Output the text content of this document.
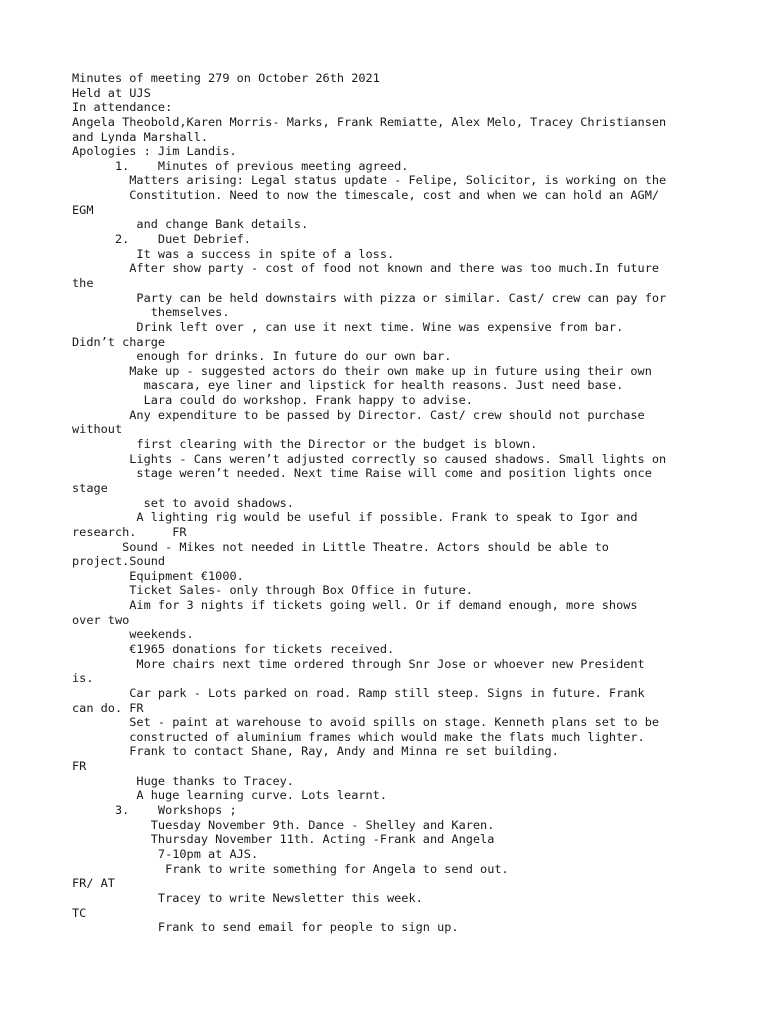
Minutes of meeting 279 on October 26th 2021
Held at UJS
In attendance:
Angela Theobold,Karen Morris- Marks, Frank Remiatte, Alex Melo, Tracey Christiansen
and Lynda Marshall.
Apologies : Jim Landis.
1.    Minutes of previous meeting agreed.
Matters arising: Legal status update - Felipe, Solicitor, is working on the
Constitution. Need to now the timescale, cost and when we can hold an AGM/
EGM
and change Bank details.
2.    Duet Debrief.
It was a success in spite of a loss.
After show party - cost of food not known and there was too much.In future
the
Party can be held downstairs with pizza or similar. Cast/ crew can pay for
themselves.
Drink left over , can use it next time. Wine was expensive from bar.
Didn’t charge
enough for drinks. In future do our own bar.
Make up - suggested actors do their own make up in future using their own
mascara, eye liner and lipstick for health reasons. Just need base.
Lara could do workshop. Frank happy to advise.
Any expenditure to be passed by Director. Cast/ crew should not purchase
without
first clearing with the Director or the budget is blown.
Lights - Cans weren’t adjusted correctly so caused shadows. Small lights on
stage weren’t needed. Next time Raise will come and position lights once
stage
set to avoid shadows.
A lighting rig would be useful if possible. Frank to speak to Igor and
research.     FR
Sound - Mikes not needed in Little Theatre. Actors should be able to
project.Sound
Equipment €1000.
Ticket Sales- only through Box Office in future.
Aim for 3 nights if tickets going well. Or if demand enough, more shows
over two
weekends.
€1965 donations for tickets received.
More chairs next time ordered through Snr Jose or whoever new President
is.
Car park - Lots parked on road. Ramp still steep. Signs in future. Frank
can do. FR
Set - paint at warehouse to avoid spills on stage. Kenneth plans set to be
constructed of aluminium frames which would make the flats much lighter.
Frank to contact Shane, Ray, Andy and Minna re set building.
FR
Huge thanks to Tracey.
A huge learning curve. Lots learnt.
3.    Workshops ;
Tuesday November 9th. Dance - Shelley and Karen.
Thursday November 11th. Acting -Frank and Angela
7-10pm at AJS.
Frank to write something for Angela to send out.
FR/ AT
Tracey to write Newsletter this week.
TC
Frank to send email for people to sign up.
